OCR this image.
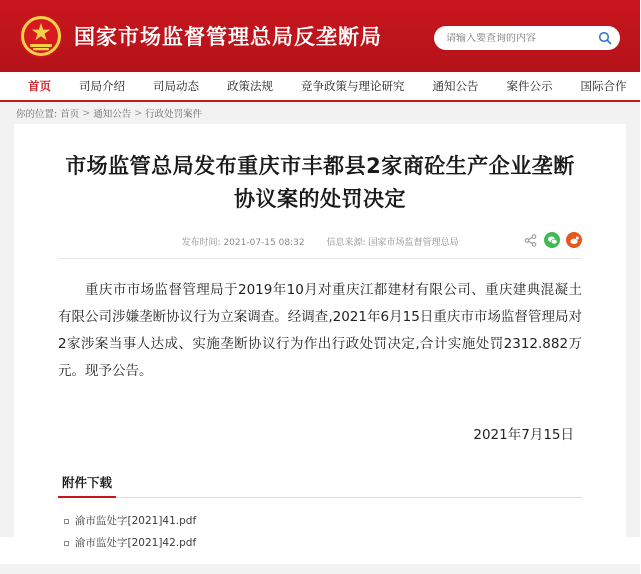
国家市场监督管理总局反垄断局
请输入要查询的内容
首页	司局介绍	司局动态	政策法规	竞争政策与理论研究	通知公告	案件公示	国际合作
你的位置: 首页 > 通知公告 > 行政处罚案件
市场监管总局发布重庆市丰都县2家商砼生产企业垄断协议案的处罚决定
发布时间: 2021-07-15 08:32 信息来源: 国家市场监督管理总局
重庆市市场监督管理局于2019年10月对重庆江都建材有限公司、重庆建典混凝土有限公司涉嫌垄断协议行为立案调查。经调查,2021年6月15日重庆市市场监督管理局对2家涉案当事人达成、实施垄断协议行为作出行政处罚决定,合计实施处罚2312.882万元。现予公告。
2021年7月15日
附件下载
渝市监处字[2021]41.pdf
渝市监处字[2021]42.pdf
